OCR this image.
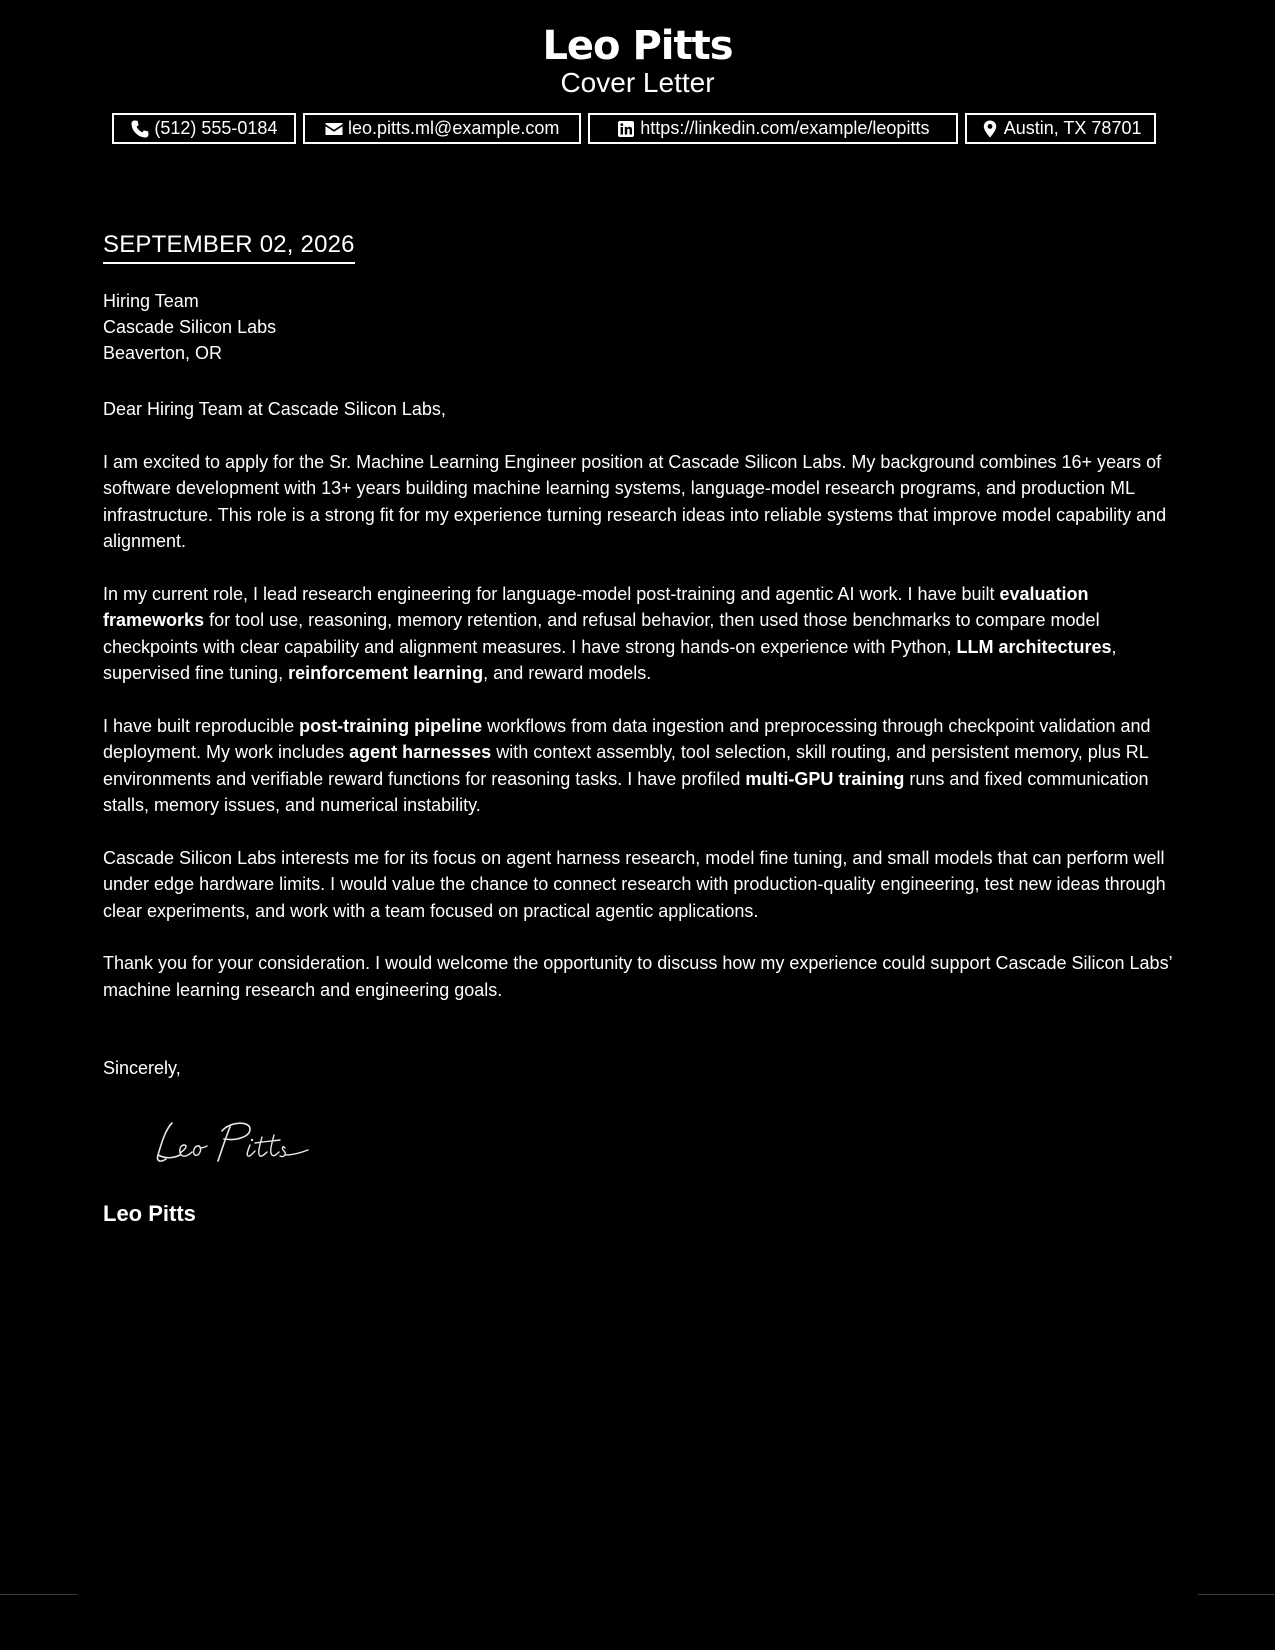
Leo Pitts
Cover Letter
(512) 555-0184	leo.pitts.ml@example.com	https://linkedin.com/example/leopitts	Austin, TX 78701
SEPTEMBER 02, 2026
Hiring Team
Cascade Silicon Labs
Beaverton, OR

Dear Hiring Team at Cascade Silicon Labs,

I am excited to apply for the Sr. Machine Learning Engineer position at Cascade Silicon Labs. My background combines 16+ years of software development with 13+ years building machine learning systems, language-model research programs, and production ML infrastructure. This role is a strong fit for my experience turning research ideas into reliable systems that improve model capability and alignment.

In my current role, I lead research engineering for language-model post-training and agentic AI work. I have built evaluation frameworks for tool use, reasoning, memory retention, and refusal behavior, then used those benchmarks to compare model checkpoints with clear capability and alignment measures. I have strong hands-on experience with Python, LLM architectures, supervised fine tuning, reinforcement learning, and reward models.

I have built reproducible post-training pipeline workflows from data ingestion and preprocessing through checkpoint validation and deployment. My work includes agent harnesses with context assembly, tool selection, skill routing, and persistent memory, plus RL environments and verifiable reward functions for reasoning tasks. I have profiled multi-GPU training runs and fixed communication stalls, memory issues, and numerical instability.

Cascade Silicon Labs interests me for its focus on agent harness research, model fine tuning, and small models that can perform well under edge hardware limits. I would value the chance to connect research with production-quality engineering, test new ideas through clear experiments, and work with a team focused on practical agentic applications.

Thank you for your consideration. I would welcome the opportunity to discuss how my experience could support Cascade Silicon Labs’ machine learning research and engineering goals.

Sincerely,
Leo Pitts
